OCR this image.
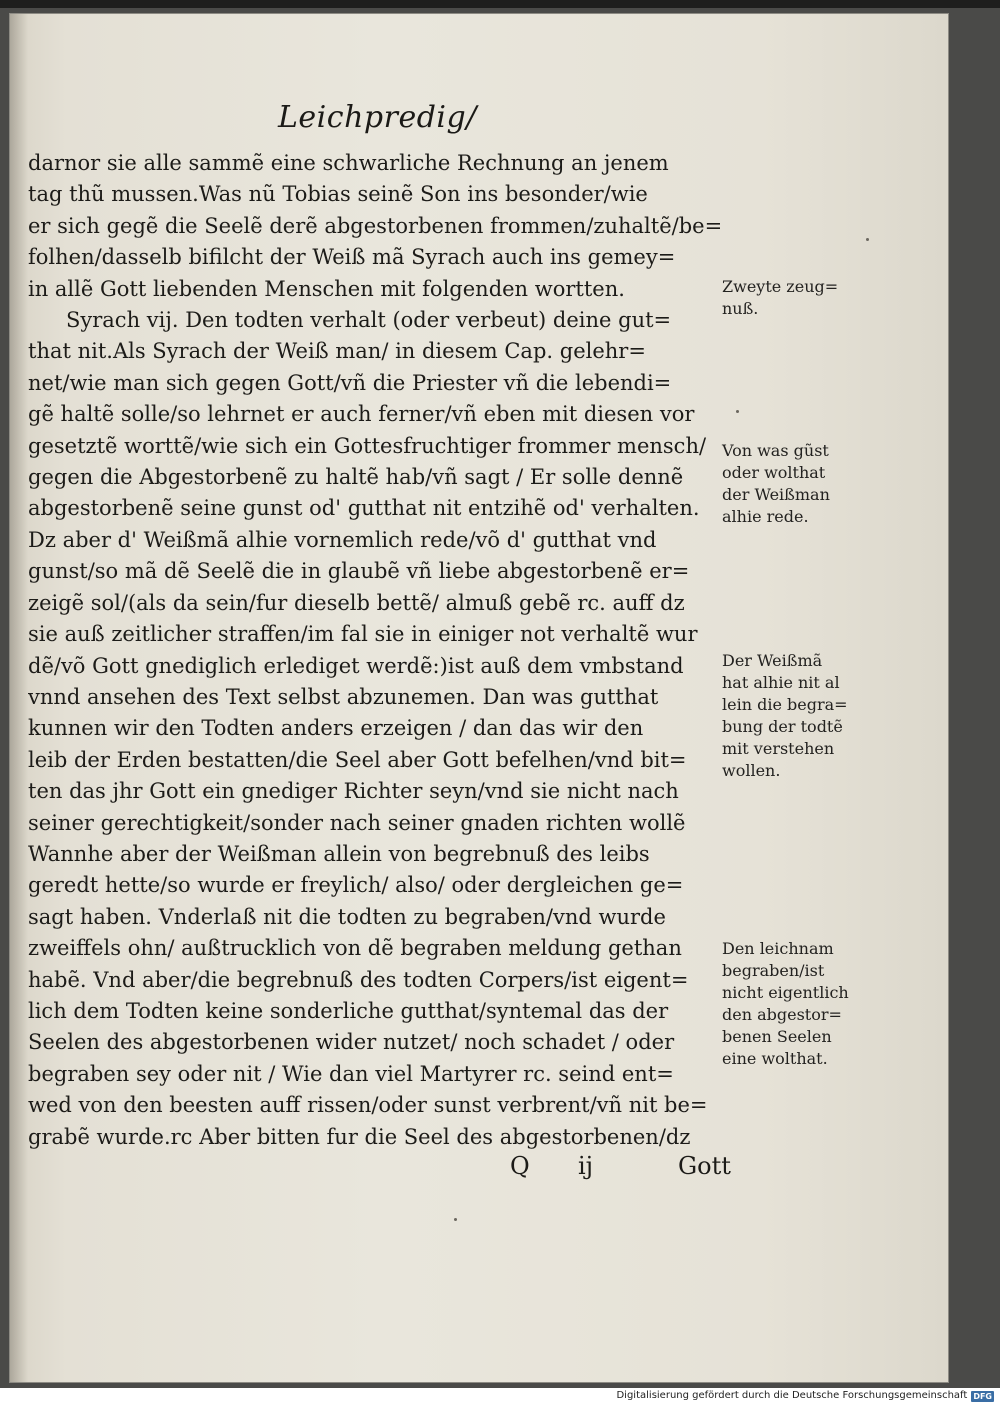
Leichpredig/
darnor sie alle sammẽ eine schwarliche Rechnung an jenem
tag thũ mussen.Was nũ Tobias seinẽ Son ins besonder/wie
er sich gegẽ die Seelẽ derẽ abgestorbenen frommen/zuhaltẽ/be=
folhen/dasselb bifilcht der Weiß mã Syrach auch ins gemey=
in allẽ Gott liebenden Menschen mit folgenden wortten.
Syrach vij. Den todten verhalt (oder verbeut) deine gut=
that nit.Als Syrach der Weiß man/ in diesem Cap. gelehr=
net/wie man sich gegen Gott/vñ die Priester vñ die lebendi=
gẽ haltẽ solle/so lehrnet er auch ferner/vñ eben mit diesen vor
gesetztẽ worttẽ/wie sich ein Gottesfruchtiger frommer mensch/
gegen die Abgestorbenẽ zu haltẽ hab/vñ sagt / Er solle dennẽ
abgestorbenẽ seine gunst od' gutthat nit entzihẽ od' verhalten.
Dz aber d' Weißmã alhie vornemlich rede/võ d' gutthat vnd
gunst/so mã dẽ Seelẽ die in glaubẽ vñ liebe abgestorbenẽ er=
zeigẽ sol/(als da sein/fur dieselb bettẽ/ almuß gebẽ rc. auff dz
sie auß zeitlicher straffen/im fal sie in einiger not verhaltẽ wur
dẽ/võ Gott gnediglich erlediget werdẽ:)ist auß dem vmbstand
vnnd ansehen des Text selbst abzunemen. Dan was gutthat
kunnen wir den Todten anders erzeigen / dan das wir den
leib der Erden bestatten/die Seel aber Gott befelhen/vnd bit=
ten das jhr Gott ein gnediger Richter seyn/vnd sie nicht nach
seiner gerechtigkeit/sonder nach seiner gnaden richten wollẽ
Wannhe aber der Weißman allein von begrebnuß des leibs
geredt hette/so wurde er freylich/ also/ oder dergleichen ge=
sagt haben. Vnderlaß nit die todten zu begraben/vnd wurde
zweiffels ohn/ außtrucklich von dẽ begraben meldung gethan
habẽ. Vnd aber/die begrebnuß des todten Corpers/ist eigent=
lich dem Todten keine sonderliche gutthat/syntemal das der
Seelen des abgestorbenen wider nutzet/ noch schadet / oder
begraben sey oder nit / Wie dan viel Martyrer rc. seind ent=
wed von den beesten auff rissen/oder sunst verbrent/vñ nit be=
grabẽ wurde.rc Aber bitten fur die Seel des abgestorbenen/dz
Zweyte zeug=
nuß.
Von was gũst
oder wolthat
der Weißman
alhie rede.
Der Weißmã
hat alhie nit al
lein die begra=
bung der todtẽ
mit verstehen
wollen.
Den leichnam
begraben/ist
nicht eigentlich
den abgestor=
benen Seelen
eine wolthat.
Q ij	Gott
Digitalisierung gefördert durch die Deutsche Forschungsgemeinschaft DFG
